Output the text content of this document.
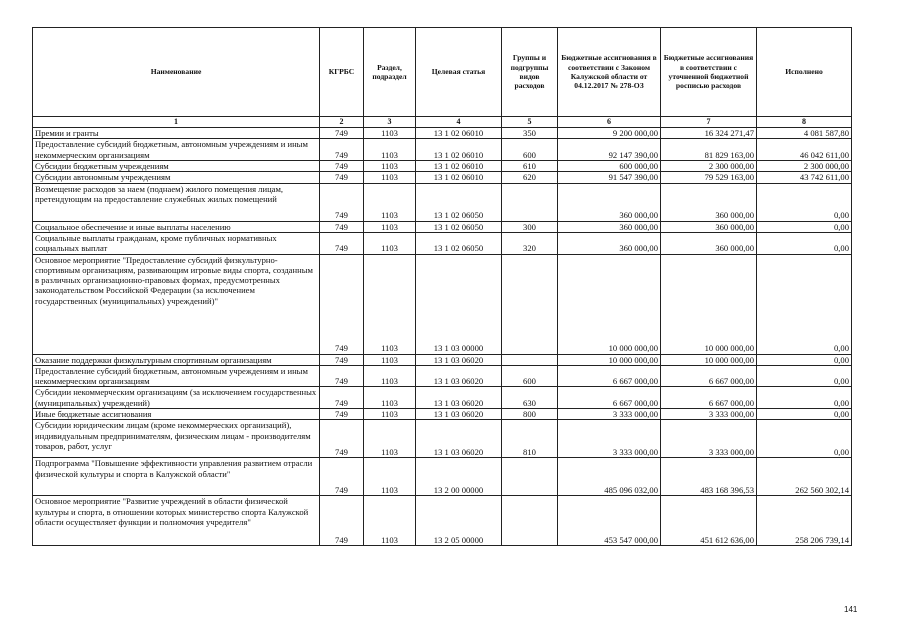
Наименование	КГРБС	Раздел, подраздел	Целевая статья	Группы и подгруппы видов расходов	Бюджетные ассигнования в соответствии с Законом Калужской области от 04.12.2017 № 278-ОЗ	Бюджетные ассигнования в соответствии с уточненной бюджетной росписью расходов	Исполнено
1	2	3	4	5	6	7	8
Премии и гранты	749	1103	13 1 02 06010	350	9 200 000,00	16 324 271,47	4 081 587,80
Предоставление субсидий бюджетным, автономным учреждениям и иным некоммерческим организациям	749	1103	13 1 02 06010	600	92 147 390,00	81 829 163,00	46 042 611,00
Субсидии бюджетным учреждениям	749	1103	13 1 02 06010	610	600 000,00	2 300 000,00	2 300 000,00
Субсидии автономным учреждениям	749	1103	13 1 02 06010	620	91 547 390,00	79 529 163,00	43 742 611,00
Возмещение расходов за наем (поднаем) жилого помещения лицам, претендующим на предоставление служебных жилых помещений	749	1103	13 1 02 06050		360 000,00	360 000,00	0,00
Социальное обеспечение и иные выплаты населению	749	1103	13 1 02 06050	300	360 000,00	360 000,00	0,00
Социальные выплаты гражданам, кроме публичных нормативных социальных выплат	749	1103	13 1 02 06050	320	360 000,00	360 000,00	0,00
Основное мероприятие "Предоставление субсидий физкультурно-спортивным организациям, развивающим игровые виды спорта, созданным в различных организационно-правовых формах, предусмотренных законодательством Российской Федерации (за исключением государственных (муниципальных) учреждений)"	749	1103	13 1 03 00000		10 000 000,00	10 000 000,00	0,00
Оказание поддержки физкультурным спортивным организациям	749	1103	13 1 03 06020		10 000 000,00	10 000 000,00	0,00
Предоставление субсидий бюджетным, автономным учреждениям и иным некоммерческим организациям	749	1103	13 1 03 06020	600	6 667 000,00	6 667 000,00	0,00
Субсидии некоммерческим организациям (за исключением государственных (муниципальных) учреждений)	749	1103	13 1 03 06020	630	6 667 000,00	6 667 000,00	0,00
Иные бюджетные ассигнования	749	1103	13 1 03 06020	800	3 333 000,00	3 333 000,00	0,00
Субсидии юридическим лицам (кроме некоммерческих организаций), индивидуальным предпринимателям, физическим лицам - производителям товаров, работ, услуг	749	1103	13 1 03 06020	810	3 333 000,00	3 333 000,00	0,00
Подпрограмма "Повышение эффективности управления развитием отрасли физической культуры и спорта в Калужской области"	749	1103	13 2 00 00000		485 096 032,00	483 168 396,53	262 560 302,14
Основное мероприятие "Развитие учреждений в области физической культуры и спорта, в отношении которых министерство спорта Калужской области осуществляет функции и полномочия учредителя"	749	1103	13 2 05 00000		453 547 000,00	451 612 636,00	258 206 739,14
141
